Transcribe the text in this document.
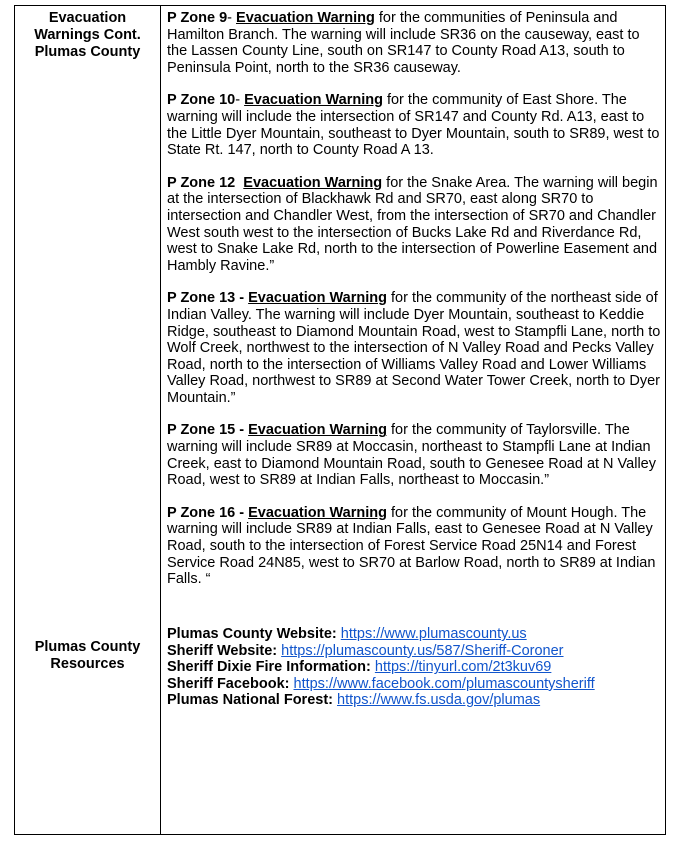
Evacuation
Warnings Cont.
Plumas County
Plumas County
Resources

P Zone 9- Evacuation Warning for the communities of Peninsula and Hamilton Branch. The warning will include SR36 on the causeway, east to the Lassen County Line, south on SR147 to County Road A13, south to Peninsula Point, north to the SR36 causeway.

P Zone 10- Evacuation Warning for the community of East Shore. The warning will include the intersection of SR147 and County Rd. A13, east to the Little Dyer Mountain, southeast to Dyer Mountain, south to SR89, west to State Rt. 147, north to County Road A 13.

P Zone 12 Evacuation Warning for the Snake Area. The warning will begin at the intersection of Blackhawk Rd and SR70, east along SR70 to intersection and Chandler West, from the intersection of SR70 and Chandler West south west to the intersection of Bucks Lake Rd and Riverdance Rd, west to Snake Lake Rd, north to the intersection of Powerline Easement and Hambly Ravine.”

P Zone 13 - Evacuation Warning for the community of the northeast side of Indian Valley. The warning will include Dyer Mountain, southeast to Keddie Ridge, southeast to Diamond Mountain Road, west to Stampfli Lane, north to Wolf Creek, northwest to the intersection of N Valley Road and Pecks Valley Road, north to the intersection of Williams Valley Road and Lower Williams Valley Road, northwest to SR89 at Second Water Tower Creek, north to Dyer Mountain.”

P Zone 15 - Evacuation Warning for the community of Taylorsville. The warning will include SR89 at Moccasin, northeast to Stampfli Lane at Indian Creek, east to Diamond Mountain Road, south to Genesee Road at N Valley Road, west to SR89 at Indian Falls, northeast to Moccasin.”

P Zone 16 - Evacuation Warning for the community of Mount Hough. The warning will include SR89 at Indian Falls, east to Genesee Road at N Valley Road, south to the intersection of Forest Service Road 25N14 and Forest Service Road 24N85, west to SR70 at Barlow Road, north to SR89 at Indian Falls. “

Plumas County Website: https://www.plumascounty.us

Sheriff Website: https://plumascounty.us/587/Sheriff-Coroner

Sheriff Dixie Fire Information: https://tinyurl.com/2t3kuv69

Sheriff Facebook: https://www.facebook.com/plumascountysheriff

Plumas National Forest: https://www.fs.usda.gov/plumas
